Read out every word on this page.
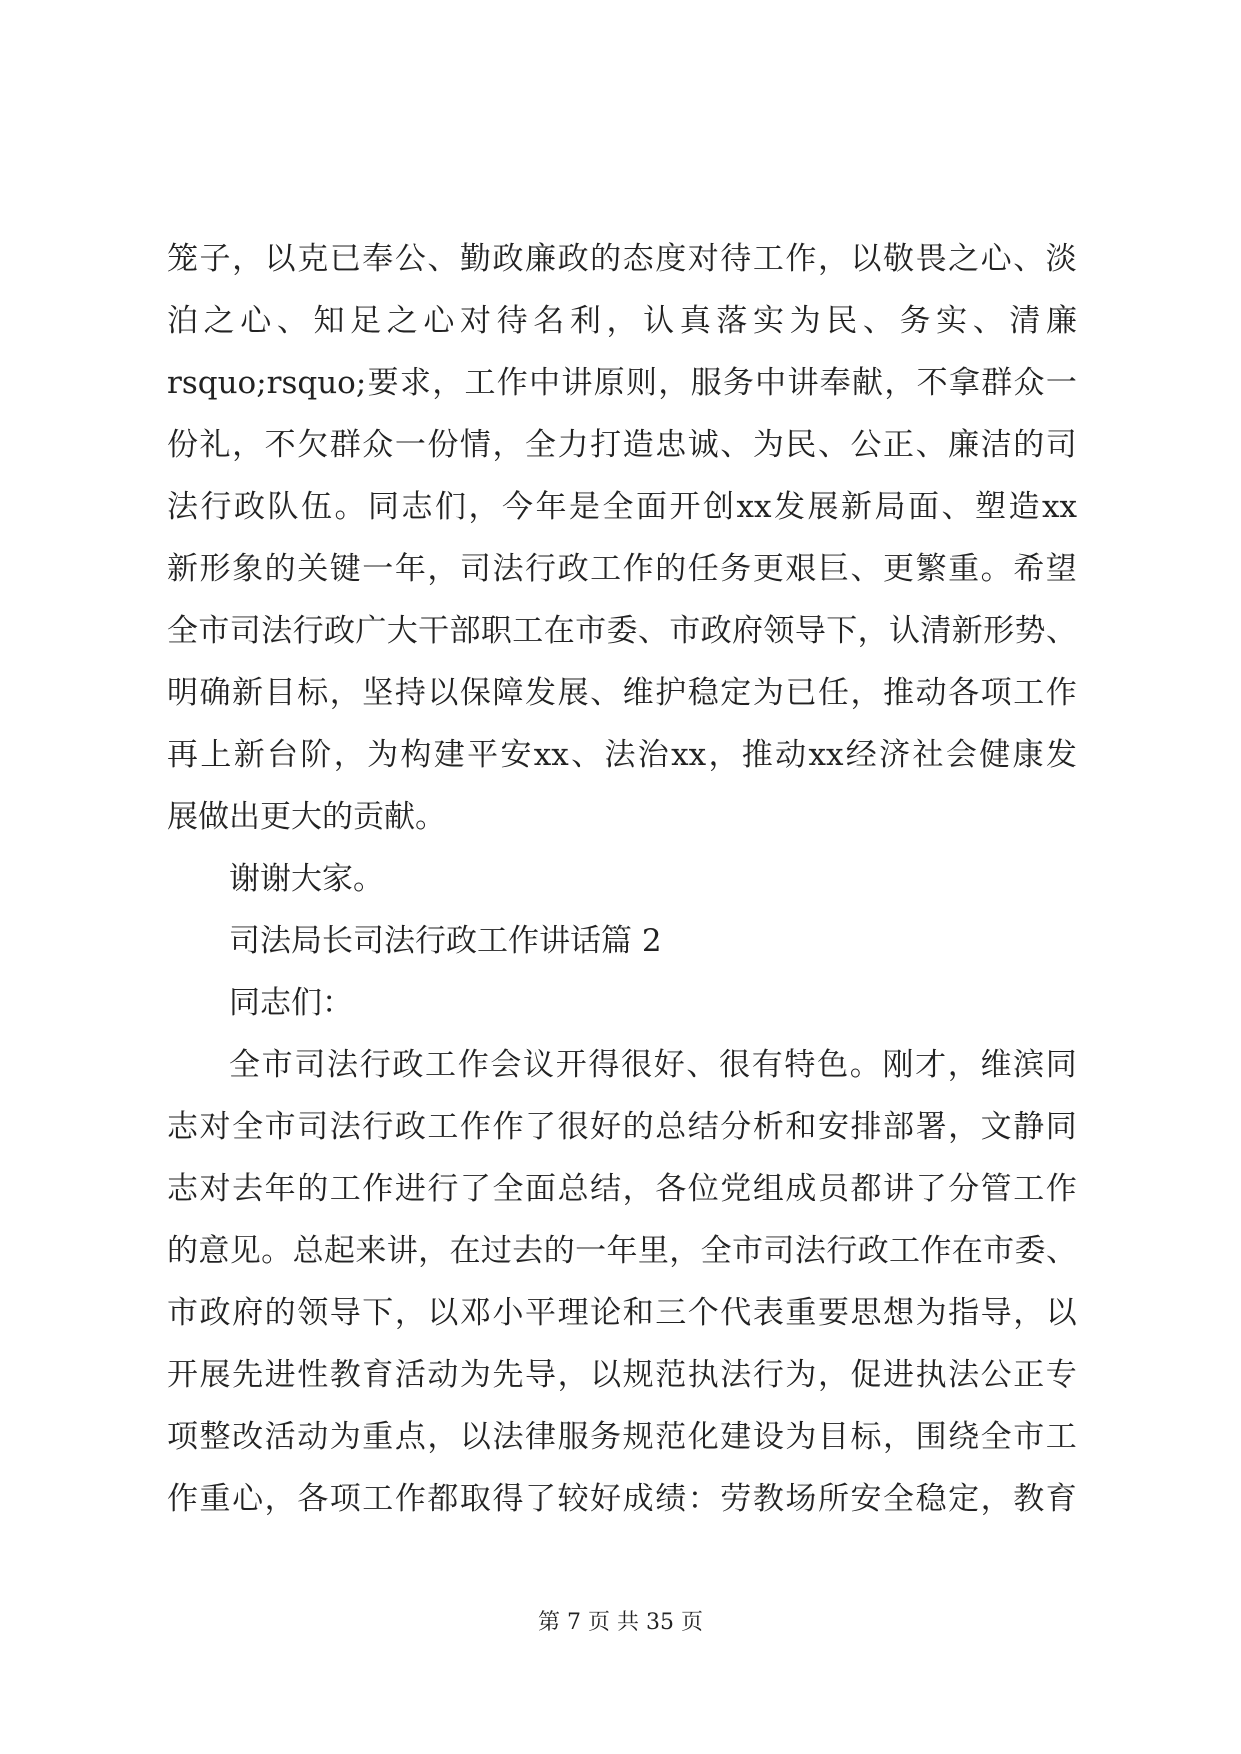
笼 子 ， 以 克 已 奉 公 、 勤 政 廉 政 的 态 度 对 待 工 作 ， 以 敬 畏 之 心 、 淡
泊 之 心 、 知 足 之 心 对 待 名 利 ， 认 真 落 实 为 民 、 务 实 、 清 廉
rsquo;rsquo; 要 求 ， 工 作 中 讲 原 则 ， 服 务 中 讲 奉 献 ， 不 拿 群 众 一
份 礼 ， 不 欠 群 众 一 份 情 ， 全 力 打 造 忠 诚 、 为 民 、 公 正 、 廉 洁 的 司
法 行 政 队 伍 。 同 志 们 ， 今 年 是 全 面 开 创 xx 发 展 新 局 面 、 塑 造 xx
新 形 象 的 关 键 一 年 ， 司 法 行 政 工 作 的 任 务 更 艰 巨 、 更 繁 重 。 希 望
全 市 司 法 行 政 广 大 干 部 职 工 在 市 委 、 市 政 府 领 导 下 ， 认 清 新 形 势 、
明 确 新 目 标 ， 坚 持 以 保 障 发 展 、 维 护 稳 定 为 已 任 ， 推 动 各 项 工 作
再 上 新 台 阶 ， 为 构 建 平 安 xx 、 法 治 xx ， 推 动 xx 经 济 社 会 健 康 发
展做出更大的贡献。
谢谢大家。
司法局长司法行政工作讲话篇 2
同志们：
全 市 司 法 行 政 工 作 会 议 开 得 很 好 、 很 有 特 色 。 刚 才 ， 维 滨 同
志 对 全 市 司 法 行 政 工 作 作 了 很 好 的 总 结 分 析 和 安 排 部 署 ， 文 静 同
志 对 去 年 的 工 作 进 行 了 全 面 总 结 ， 各 位 党 组 成 员 都 讲 了 分 管 工 作
的 意 见 。 总 起 来 讲 ， 在 过 去 的 一 年 里 ， 全 市 司 法 行 政 工 作 在 市 委 、
市 政 府 的 领 导 下 ， 以 邓 小 平 理 论 和 三 个 代 表 重 要 思 想 为 指 导 ， 以
开 展 先 进 性 教 育 活 动 为 先 导 ， 以 规 范 执 法 行 为 ， 促 进 执 法 公 正 专
项 整 改 活 动 为 重 点 ， 以 法 律 服 务 规 范 化 建 设 为 目 标 ， 围 绕 全 市 工
作 重 心 ， 各 项 工 作 都 取 得 了 较 好 成 绩 ： 劳 教 场 所 安 全 稳 定 ， 教 育
第 7 页 共 35 页
